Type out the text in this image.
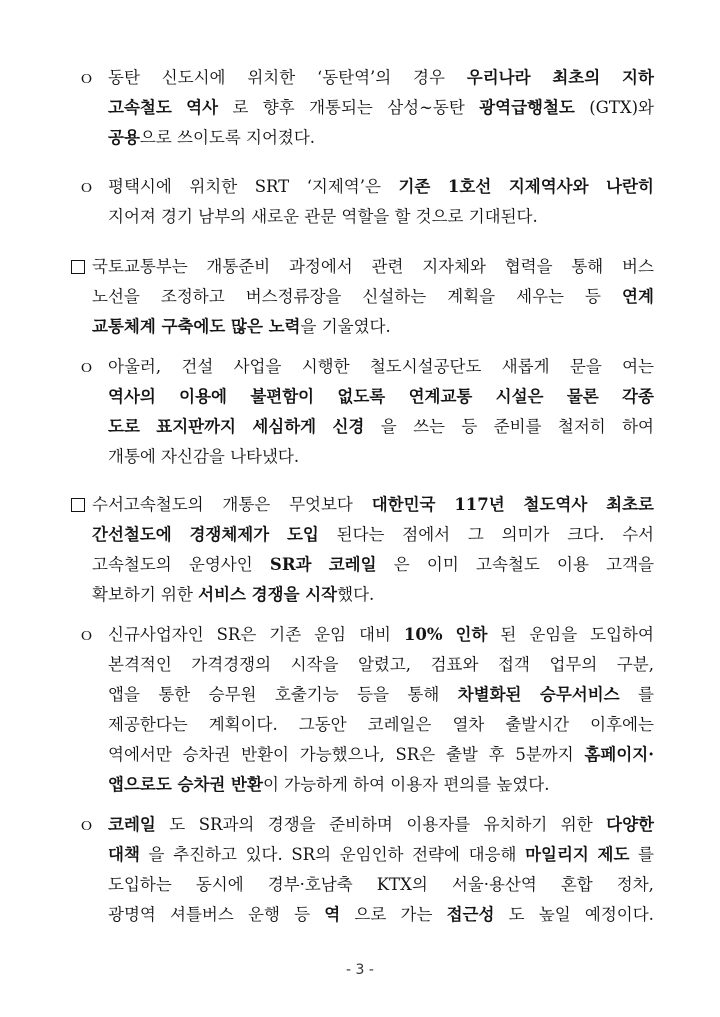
ｏ 동탄 신도시에 위치한 ‘동탄역’의 경우 우리나라 최초의 지하
고속철도 역사 로 향후 개통되는 삼성∼동탄 광역급행철도 (GTX)와
공용으로 쓰이도록 지어졌다.
ｏ 평택시에 위치한 SRT ‘지제역’은 기존 1호선 지제역사와 나란히
지어져 경기 남부의 새로운 관문 역할을 할 것으로 기대된다.
국토교통부는 개통준비 과정에서 관련 지자체와 협력을 통해 버스
노선을 조정하고 버스정류장을 신설하는 계획을 세우는 등 연계
교통체계 구축에도 많은 노력을 기울였다.
ｏ 아울러, 건설 사업을 시행한 철도시설공단도 새롭게 문을 여는
역사의 이용에 불편함이 없도록 연계교통 시설은 물론 각종
도로 표지판까지 세심하게 신경 을 쓰는 등 준비를 철저히 하여
개통에 자신감을 나타냈다.
수서고속철도의 개통은 무엇보다 대한민국 117년 철도역사 최초로
간선철도에 경쟁체제가 도입 된다는 점에서 그 의미가 크다. 수서
고속철도의 운영사인 SR과 코레일 은 이미 고속철도 이용 고객을
확보하기 위한 서비스 경쟁을 시작했다.
ｏ 신규사업자인 SR은 기존 운임 대비 10% 인하 된 운임을 도입하여
본격적인 가격경쟁의 시작을 알렸고, 검표와 접객 업무의 구분,
앱을 통한 승무원 호출기능 등을 통해 차별화된 승무서비스 를
제공한다는 계획이다. 그동안 코레일은 열차 출발시간 이후에는
역에서만 승차권 반환이 가능했으나, SR은 출발 후 5분까지 홈페이지·
앱으로도 승차권 반환이 가능하게 하여 이용자 편의를 높였다.
ｏ 코레일 도 SR과의 경쟁을 준비하며 이용자를 유치하기 위한 다양한
대책 을 추진하고 있다. SR의 운임인하 전략에 대응해 마일리지 제도 를
도입하는 동시에 경부·호남축 KTX의 서울·용산역 혼합 정차,
광명역 셔틀버스 운행 등 역 으로 가는 접근성 도 높일 예정이다.
- 3 -
